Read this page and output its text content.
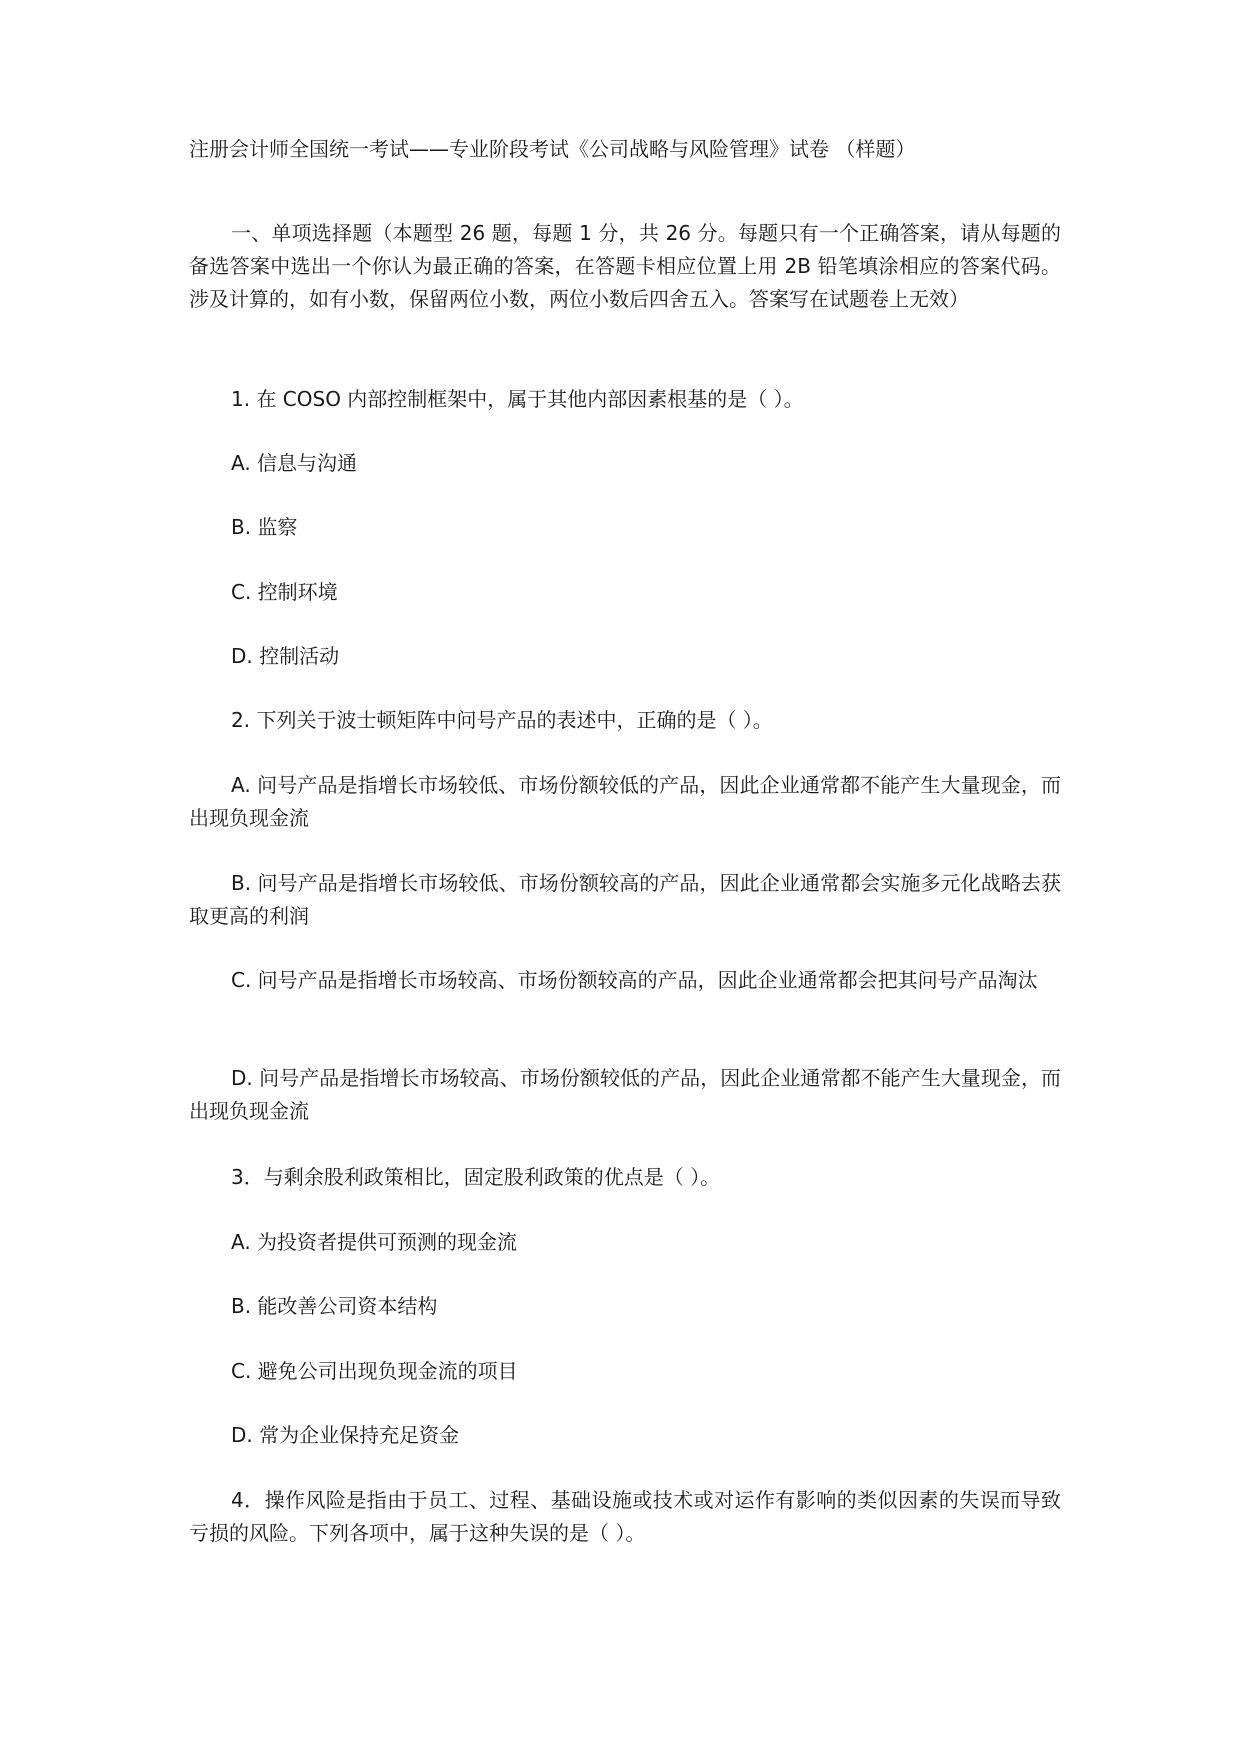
注册会计师全国统一考试——专业阶段考试《公司战略与风险管理》试卷 （样题）

一、单项选择题（本题型 26 题，每题 1 分，共 26 分。每题只有一个正确答案，请从每题的备选答案中选出一个你认为最正确的答案，在答题卡相应位置上用 2B 铅笔填涂相应的答案代码。涉及计算的，如有小数，保留两位小数，两位小数后四舍五入。答案写在试题卷上无效）

1. 在 COSO 内部控制框架中，属于其他内部因素根基的是（ ）。

A. 信息与沟通

B. 监察

C. 控制环境

D. 控制活动

2. 下列关于波士顿矩阵中问号产品的表述中，正确的是（ ）。

A. 问号产品是指增长市场较低、市场份额较低的产品，因此企业通常都不能产生大量现金，而出现负现金流

B. 问号产品是指增长市场较低、市场份额较高的产品，因此企业通常都会实施多元化战略去获取更高的利润

C. 问号产品是指增长市场较高、市场份额较高的产品，因此企业通常都会把其问号产品淘汰

D. 问号产品是指增长市场较高、市场份额较低的产品，因此企业通常都不能产生大量现金，而出现负现金流

3．与剩余股利政策相比，固定股利政策的优点是（ ）。

A. 为投资者提供可预测的现金流

B. 能改善公司资本结构

C. 避免公司出现负现金流的项目

D. 常为企业保持充足资金

4．操作风险是指由于员工、过程、基础设施或技术或对运作有影响的类似因素的失误而导致亏损的风险。下列各项中，属于这种失误的是（ ）。
